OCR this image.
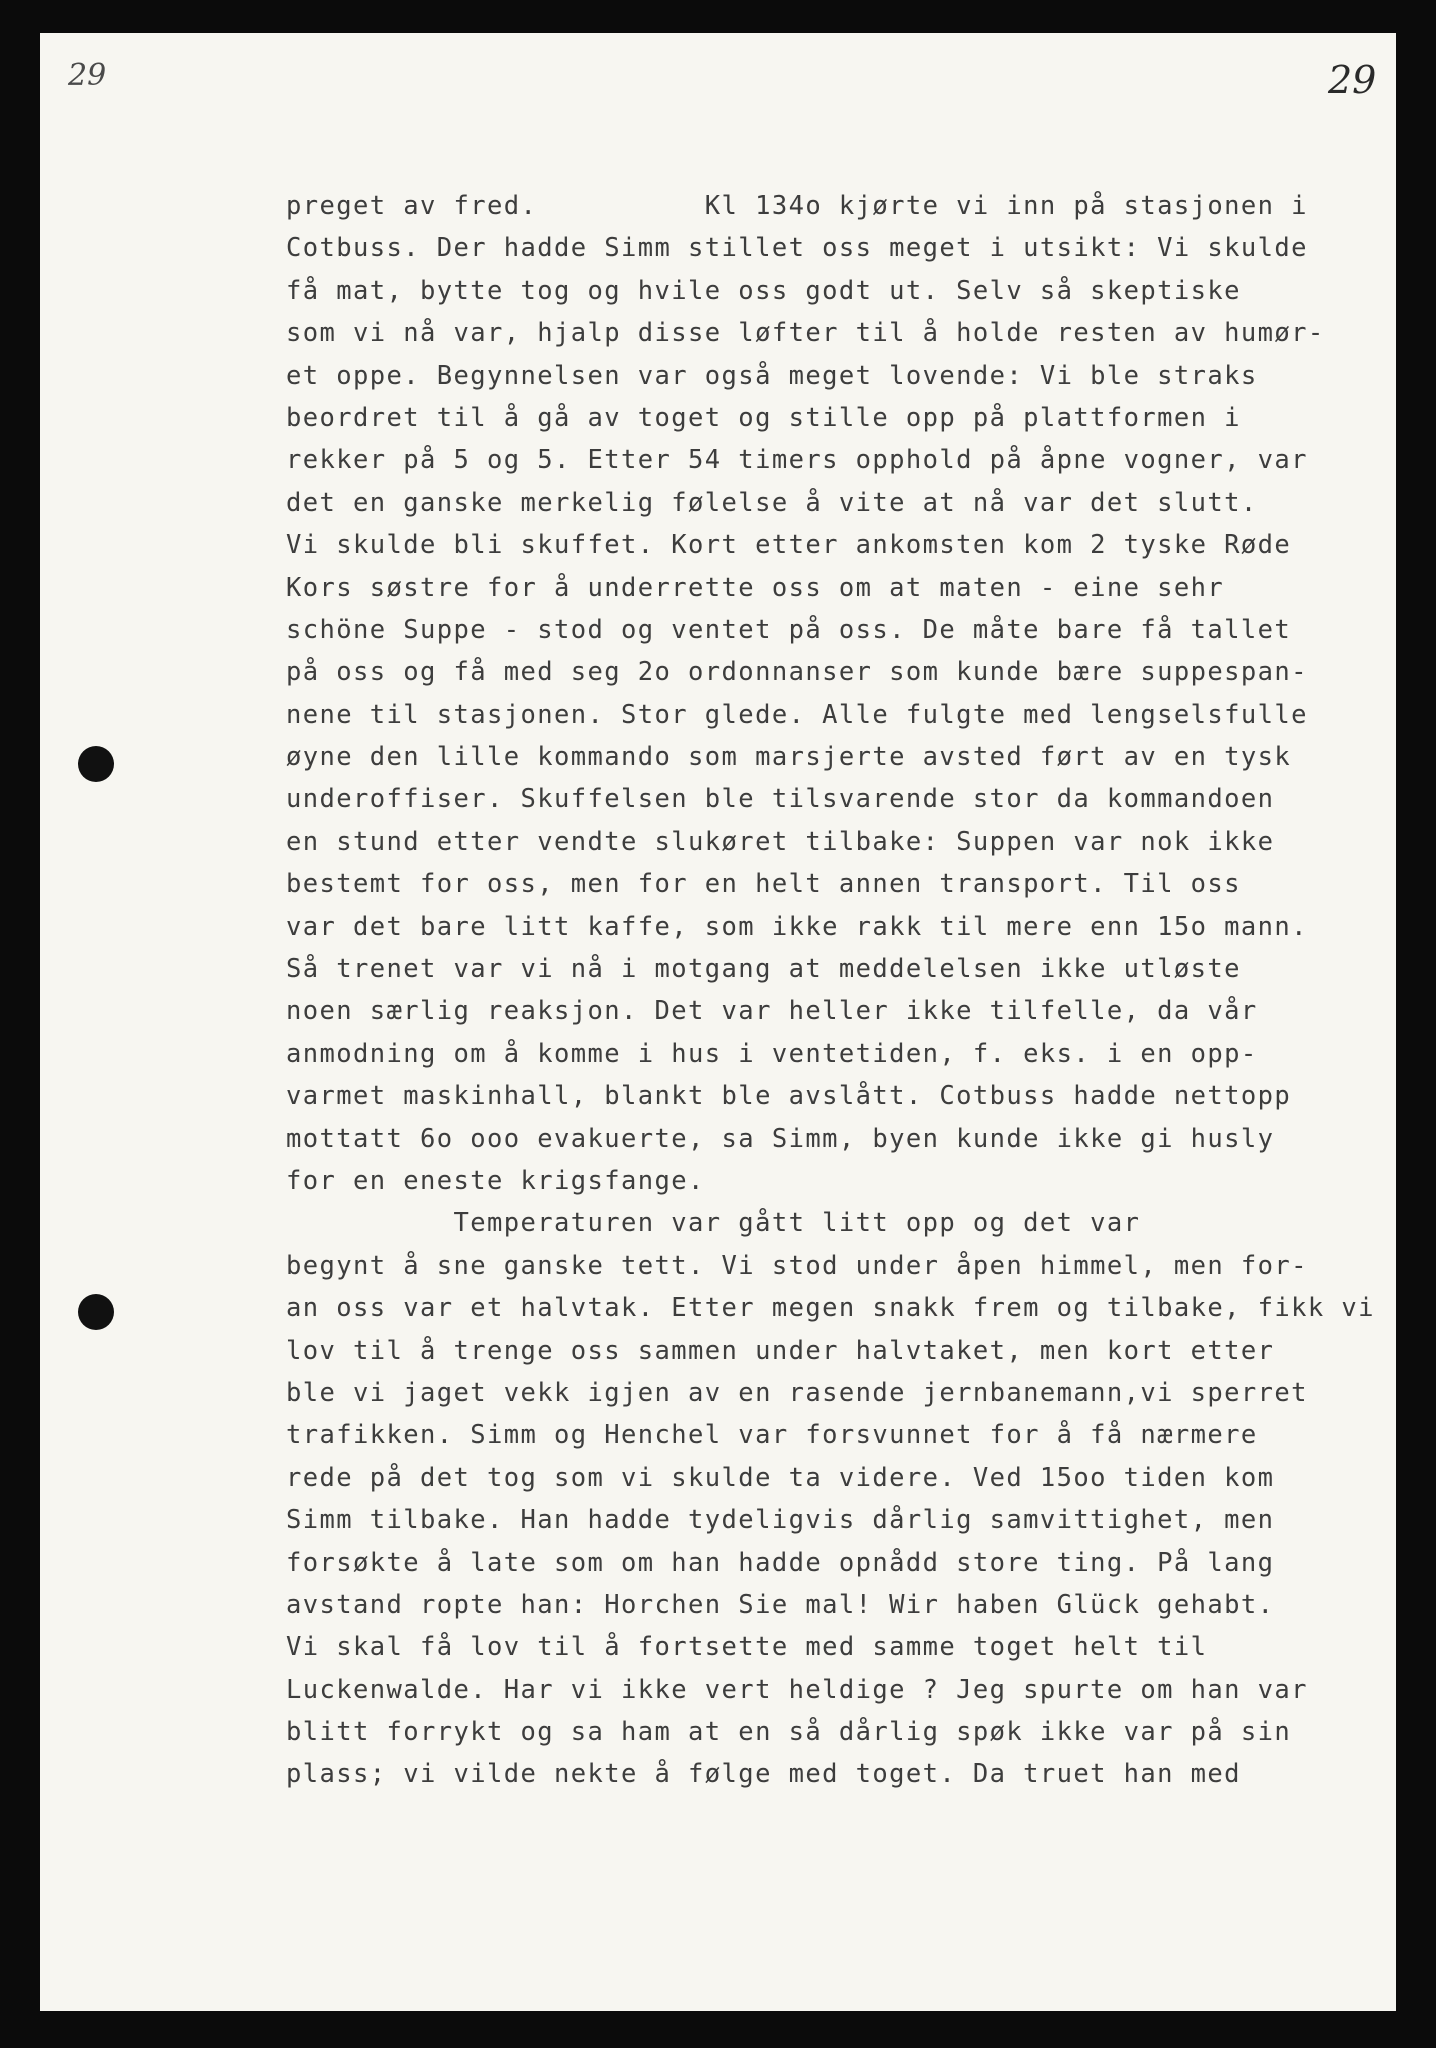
29	29
preget av fred.          Kl 134o kjørte vi inn på stasjonen i
Cotbuss. Der hadde Simm stillet oss meget i utsikt: Vi skulde
få mat, bytte tog og hvile oss godt ut. Selv så skeptiske
som vi nå var, hjalp disse løfter til å holde resten av humør-
et oppe. Begynnelsen var også meget lovende: Vi ble straks
beordret til å gå av toget og stille opp på plattformen i
rekker på 5 og 5. Etter 54 timers opphold på åpne vogner, var
det en ganske merkelig følelse å vite at nå var det slutt.
Vi skulde bli skuffet. Kort etter ankomsten kom 2 tyske Røde
Kors søstre for å underrette oss om at maten - eine sehr
schöne Suppe - stod og ventet på oss. De måte bare få tallet
på oss og få med seg 2o ordonnanser som kunde bære suppespan-
nene til stasjonen. Stor glede. Alle fulgte med lengselsfulle
øyne den lille kommando som marsjerte avsted ført av en tysk
underoffiser. Skuffelsen ble tilsvarende stor da kommandoen
en stund etter vendte slukøret tilbake: Suppen var nok ikke
bestemt for oss, men for en helt annen transport. Til oss
var det bare litt kaffe, som ikke rakk til mere enn 15o mann.
Så trenet var vi nå i motgang at meddelelsen ikke utløste
noen særlig reaksjon. Det var heller ikke tilfelle, da vår
anmodning om å komme i hus i ventetiden, f. eks. i en opp-
varmet maskinhall, blankt ble avslått. Cotbuss hadde nettopp
mottatt 6o ooo evakuerte, sa Simm, byen kunde ikke gi husly
for en eneste krigsfange.
Temperaturen var gått litt opp og det var
begynt å sne ganske tett. Vi stod under åpen himmel, men for-
an oss var et halvtak. Etter megen snakk frem og tilbake, fikk vi
lov til å trenge oss sammen under halvtaket, men kort etter
ble vi jaget vekk igjen av en rasende jernbanemann,vi sperret
trafikken. Simm og Henchel var forsvunnet for å få nærmere
rede på det tog som vi skulde ta videre. Ved 15oo tiden kom
Simm tilbake. Han hadde tydeligvis dårlig samvittighet, men
forsøkte å late som om han hadde opnådd store ting. På lang
avstand ropte han: Horchen Sie mal! Wir haben Glück gehabt.
Vi skal få lov til å fortsette med samme toget helt til
Luckenwalde. Har vi ikke vert heldige ? Jeg spurte om han var
blitt forrykt og sa ham at en så dårlig spøk ikke var på sin
plass; vi vilde nekte å følge med toget. Da truet han med
